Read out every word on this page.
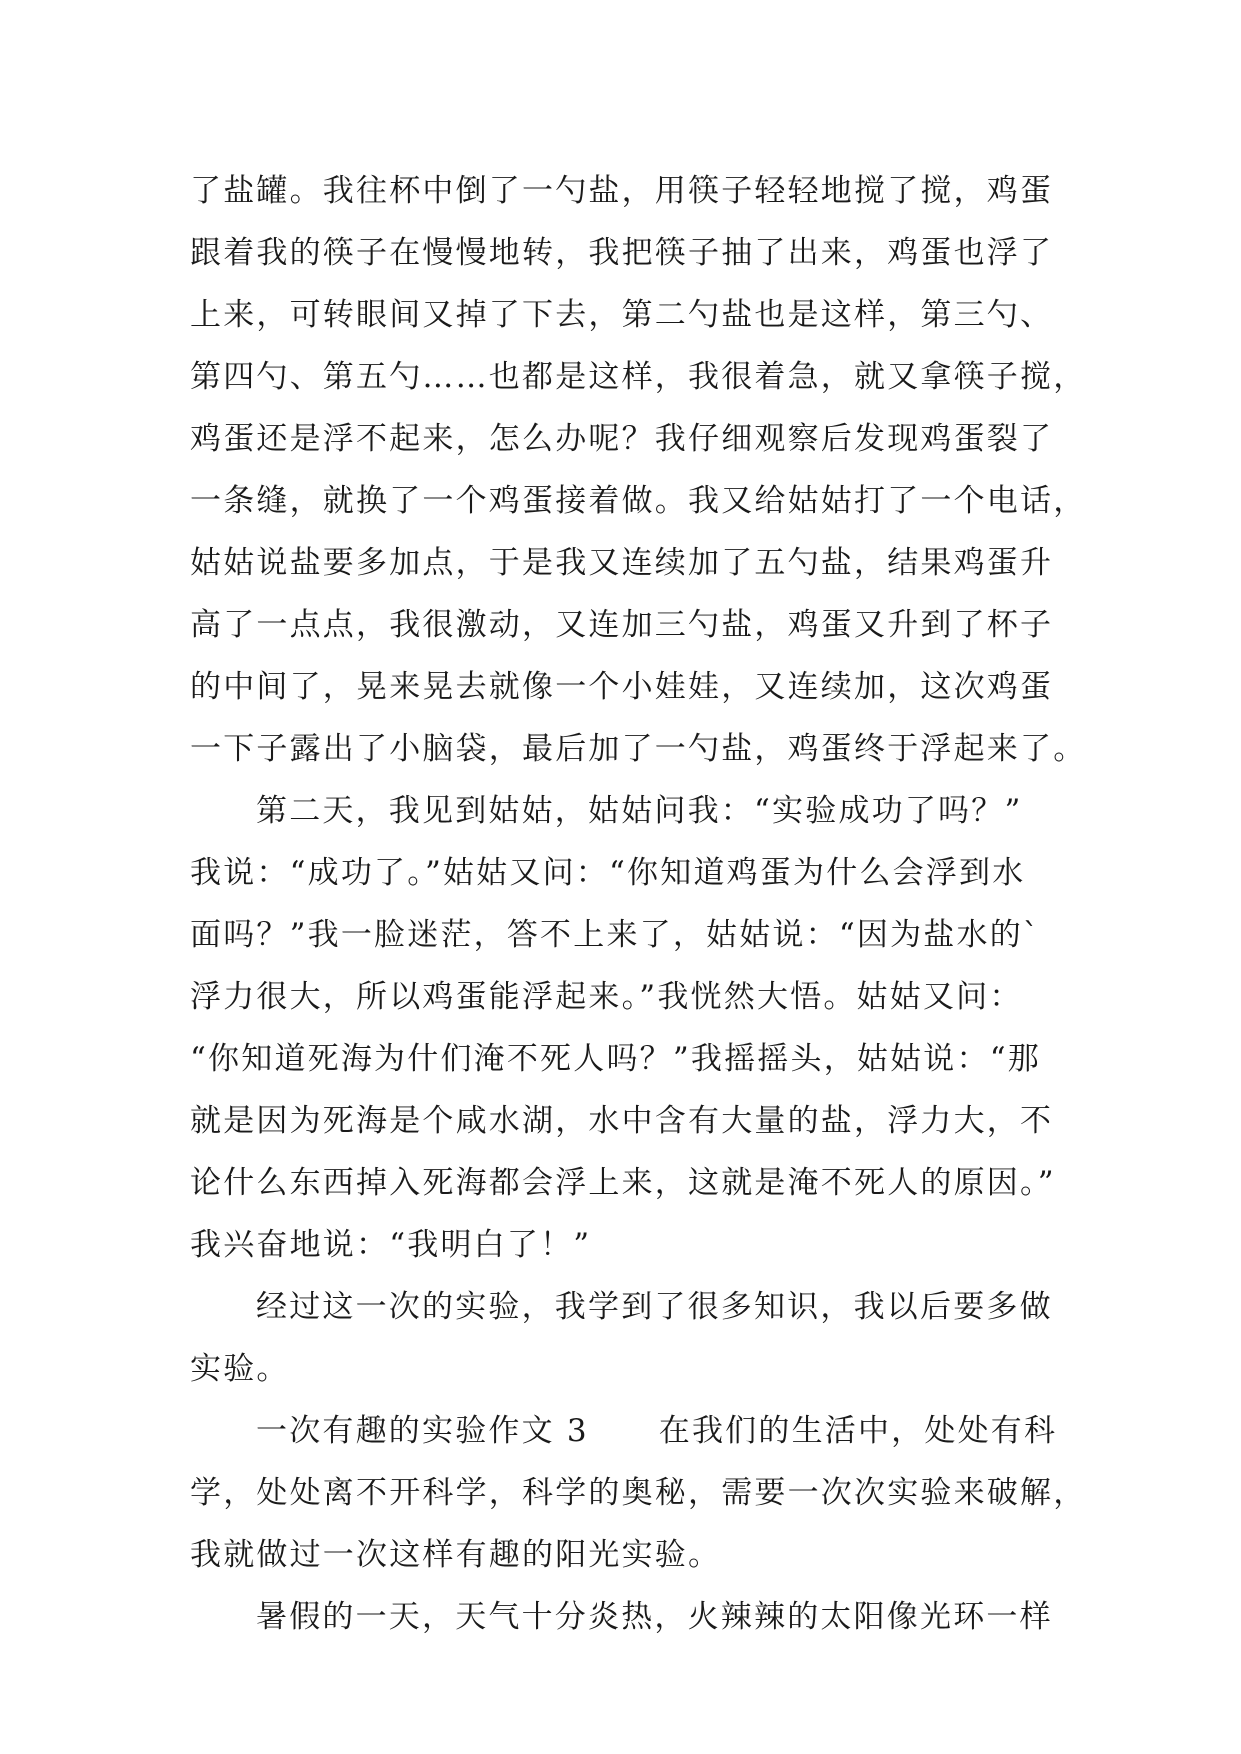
了盐罐。我往杯中倒了一勺盐，用筷子轻轻地搅了搅，鸡蛋
跟着我的筷子在慢慢地转，我把筷子抽了出来，鸡蛋也浮了
上来，可转眼间又掉了下去，第二勺盐也是这样，第三勺、
第四勺、第五勺……也都是这样，我很着急，就又拿筷子搅，
鸡蛋还是浮不起来，怎么办呢？我仔细观察后发现鸡蛋裂了
一条缝，就换了一个鸡蛋接着做。我又给姑姑打了一个电话，
姑姑说盐要多加点，于是我又连续加了五勺盐，结果鸡蛋升
高了一点点，我很激动，又连加三勺盐，鸡蛋又升到了杯子
的中间了，晃来晃去就像一个小娃娃，又连续加，这次鸡蛋
一下子露出了小脑袋，最后加了一勺盐，鸡蛋终于浮起来了。
第二天，我见到姑姑，姑姑问我：“实验成功了吗？”
我说：“成功了。”姑姑又问：“你知道鸡蛋为什么会浮到水
面吗？”我一脸迷茫，答不上来了，姑姑说：“因为盐水的`
浮力很大，所以鸡蛋能浮起来。”我恍然大悟。姑姑又问：
“你知道死海为什们淹不死人吗？”我摇摇头，姑姑说：“那
就是因为死海是个咸水湖，水中含有大量的盐，浮力大，不
论什么东西掉入死海都会浮上来，这就是淹不死人的原因。”
我兴奋地说：“我明白了！”
经过这一次的实验，我学到了很多知识，我以后要多做
实验。
一次有趣的实验作文 3 在我们的生活中，处处有科
学，处处离不开科学，科学的奥秘，需要一次次实验来破解，
我就做过一次这样有趣的阳光实验。
暑假的一天，天气十分炎热，火辣辣的太阳像光环一样
